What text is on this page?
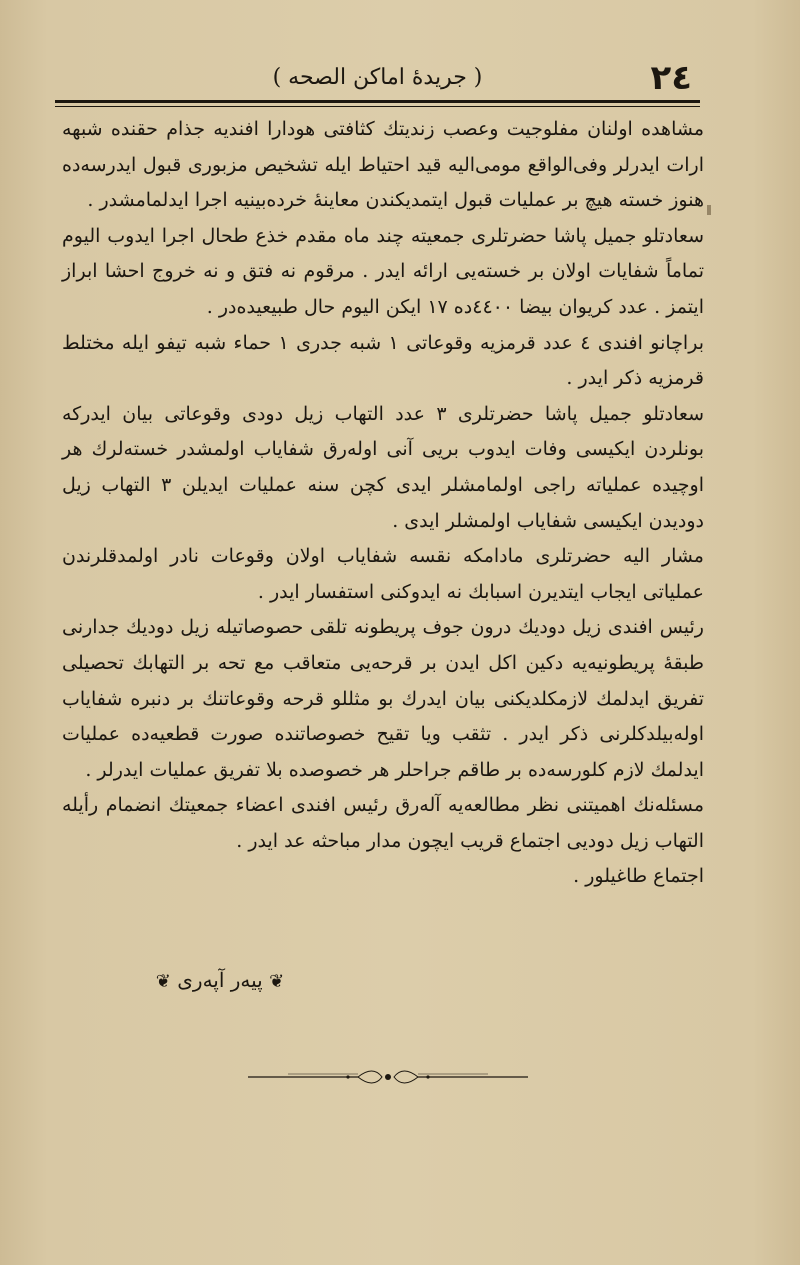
( جريدهٔ اماكن الصحه )	٢٤

مشاهده اولنان مفلوجيت وعصب زنديتك كثافتى هودارا افنديه جذام حقنده شبهه ارات ايدرلر وفى‌الواقع مومى‌اليه قيد احتياط ايله تشخيص مزبورى قبول ايدرسه‌ده هنوز خسته هيچ بر عمليات قبول ايتمديكندن معاينهٔ خرده‌بينيه اجرا ايدلمامشدر .

سعادتلو جميل پاشا حضرتلرى جمعيته چند ماه مقدم خذع طحال اجرا ايدوب اليوم تماماً شفايات اولان بر خسته‌يى ارائه ايدر . مرقوم نه فتق و نه خروج احشا ابراز ايتمز . عدد كريوان بيضا ٤٤٠٠‌ده ١٧ ايكن اليوم حال طبيعيده‌در .

براچانو افندى ٤ عدد قرمزيه وقوعاتى ١ شبه جدرى ١ حماء شبه تيفو ايله مختلط قرمزيه ذكر ايدر .

سعادتلو جميل پاشا حضرتلرى ٣ عدد التهاب زيل دودى وقوعاتى بيان ايدركه بونلردن ايكيسى وفات ايدوب بريى آنى اوله‌رق شفاياب اولمشدر خسته‌لرك هر اوچيده عملياته راجى اولمامشلر ايدى كچن سنه عمليات ايديلن ٣ التهاب زيل دوديدن ايكيسى شفاياب اولمشلر ايدى .

مشار اليه حضرتلرى مادامكه نقسه شفاياب اولان وقوعات نادر اولمدقلرندن عملياتى ايجاب ايتديرن اسبابك نه ايدوكنى استفسار ايدر .

رئيس افندى زيل دوديك درون جوف پريطونه تلقى حصوصاتيله زيل دوديك جدارنى طبقهٔ پريطونيه‌يه دكين اكل ايدن بر قرحه‌يى متعاقب مع تحه بر التهابك تحصيلى تفريق ايدلمك لازمكلديكنى بيان ايدرك بو مثللو قرحه وقوعاتنك بر دنبره شفاياب اوله‌بيلدكلرنى ذكر ايدر . تثقب ويا تقيح خصوصاتنده صورت قطعيه‌ده عمليات ايدلمك لازم كلورسه‌ده بر طاقم جراحلر هر خصوصده بلا تفريق عمليات ايدرلر .

مسئله‌نك اهميتنى نظر مطالعه‌يه آله‌رق رئيس افندى اعضاء جمعيتك انضمام رأيله التهاب زيل دوديى اجتماع قريب ايچون مدار مباحثه عد ايدر .

اجتماع طاغيلور .

❦ پيه‌ر آپه‌رى ❦
